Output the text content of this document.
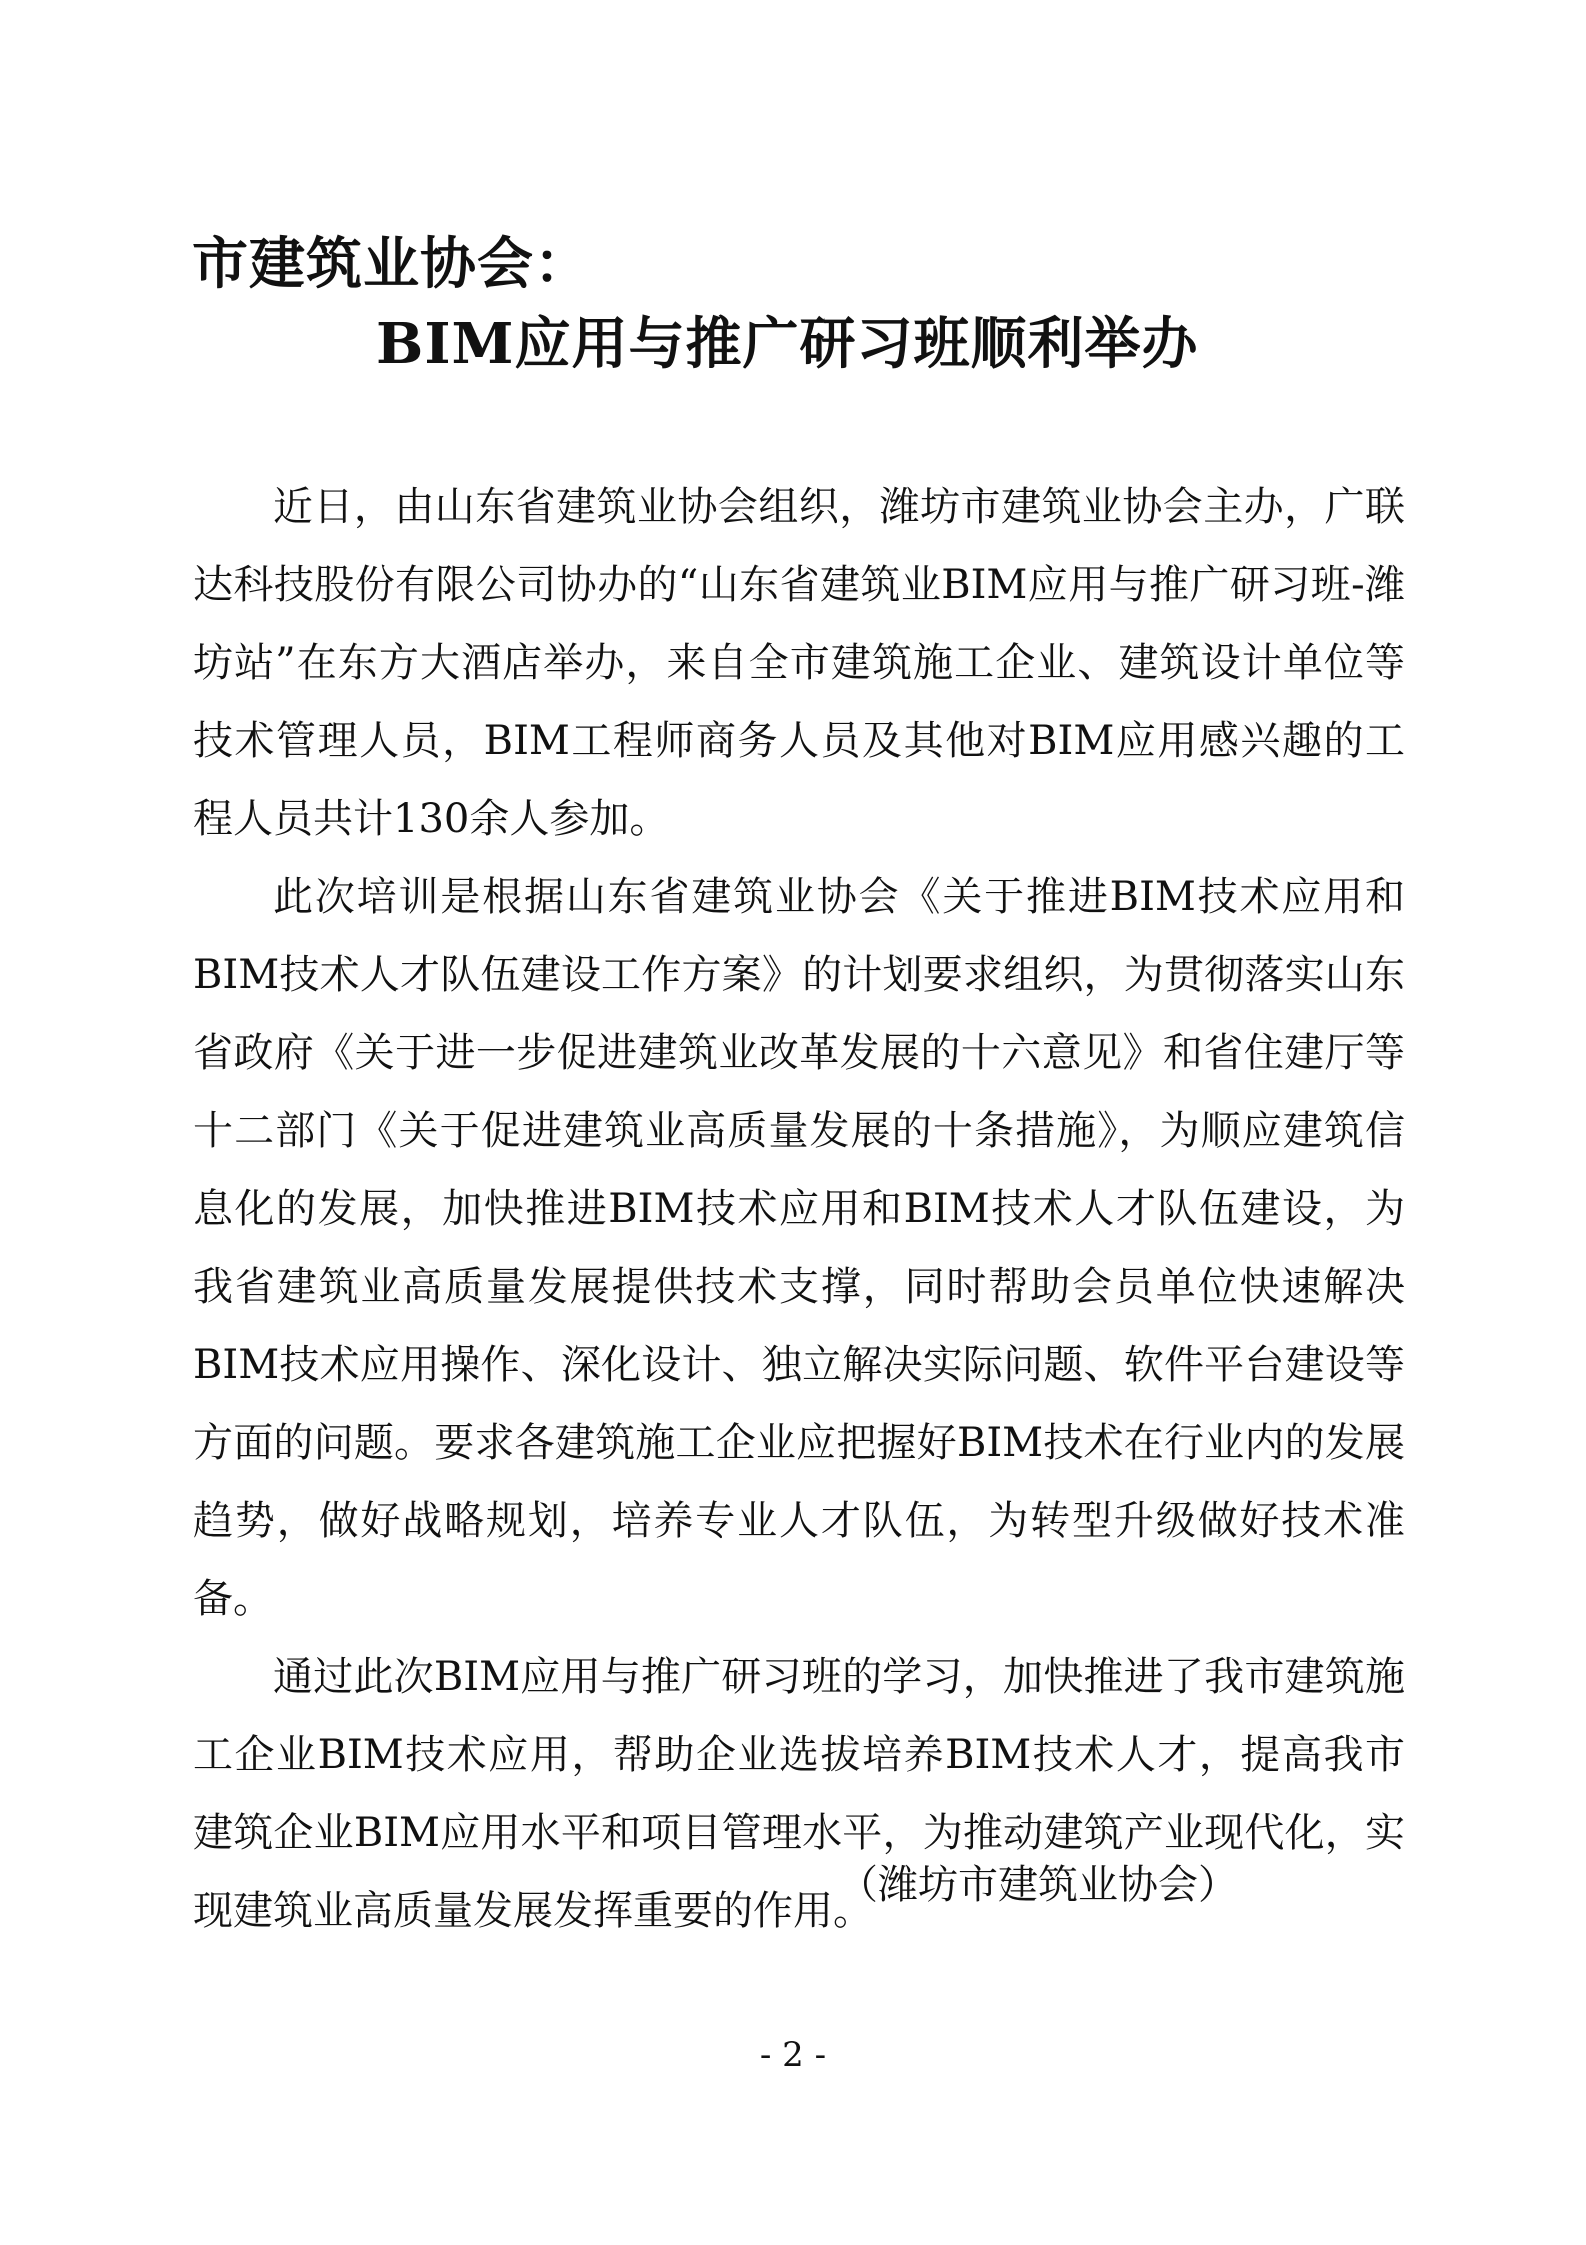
市建筑业协会：
BIM应用与推广研习班顺利举办

近日，由山东省建筑业协会组织，潍坊市建筑业协会主办，广联达科技股份有限公司协办的“山东省建筑业BIM应用与推广研习班-潍坊站”在东方大酒店举办，来自全市建筑施工企业、建筑设计单位等技术管理人员，BIM工程师商务人员及其他对BIM应用感兴趣的工程人员共计130余人参加。

此次培训是根据山东省建筑业协会《关于推进BIM技术应用和BIM技术人才队伍建设工作方案》的计划要求组织，为贯彻落实山东省政府《关于进一步促进建筑业改革发展的十六意见》和省住建厅等十二部门《关于促进建筑业高质量发展的十条措施》，为顺应建筑信息化的发展，加快推进BIM技术应用和BIM技术人才队伍建设，为我省建筑业高质量发展提供技术支撑，同时帮助会员单位快速解决BIM技术应用操作、深化设计、独立解决实际问题、软件平台建设等方面的问题。要求各建筑施工企业应把握好BIM技术在行业内的发展趋势，做好战略规划，培养专业人才队伍，为转型升级做好技术准备。

通过此次BIM应用与推广研习班的学习，加快推进了我市建筑施工企业BIM技术应用，帮助企业选拔培养BIM技术人才，提高我市建筑企业BIM应用水平和项目管理水平，为推动建筑产业现代化，实现建筑业高质量发展发挥重要的作用。

（潍坊市建筑业协会）
- 2 -
